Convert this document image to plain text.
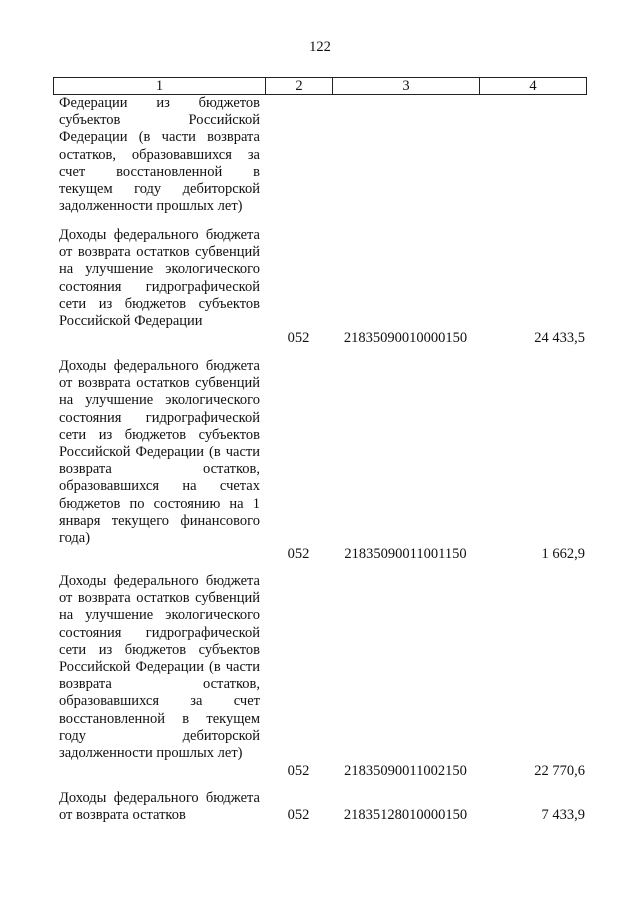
122
1	2	3	4
Федерации из бюджетов субъектов Российской Федерации (в части возврата остатков, образовавшихся за счет восстановленной в текущем году дебиторской задолженности прошлых лет)
Доходы федерального бюджета от возврата остатков субвенций на улучшение экологического состояния гидрографической сети из бюджетов субъектов Российской Федерации
052	21835090010000150	24 433,5
Доходы федерального бюджета от возврата остатков субвенций на улучшение экологического состояния гидрографической сети из бюджетов субъектов Российской Федерации (в части возврата остатков, образовавшихся на счетах бюджетов по состоянию на 1 января текущего финансового года)
052	21835090011001150	1 662,9
Доходы федерального бюджета от возврата остатков субвенций на улучшение экологического состояния гидрографической сети из бюджетов субъектов Российской Федерации (в части возврата остатков, образовавшихся за счет восстановленной в текущем году дебиторской задолженности прошлых лет)
052	21835090011002150	22 770,6
Доходы федерального бюджета от возврата остатков	052	21835128010000150	7 433,9
